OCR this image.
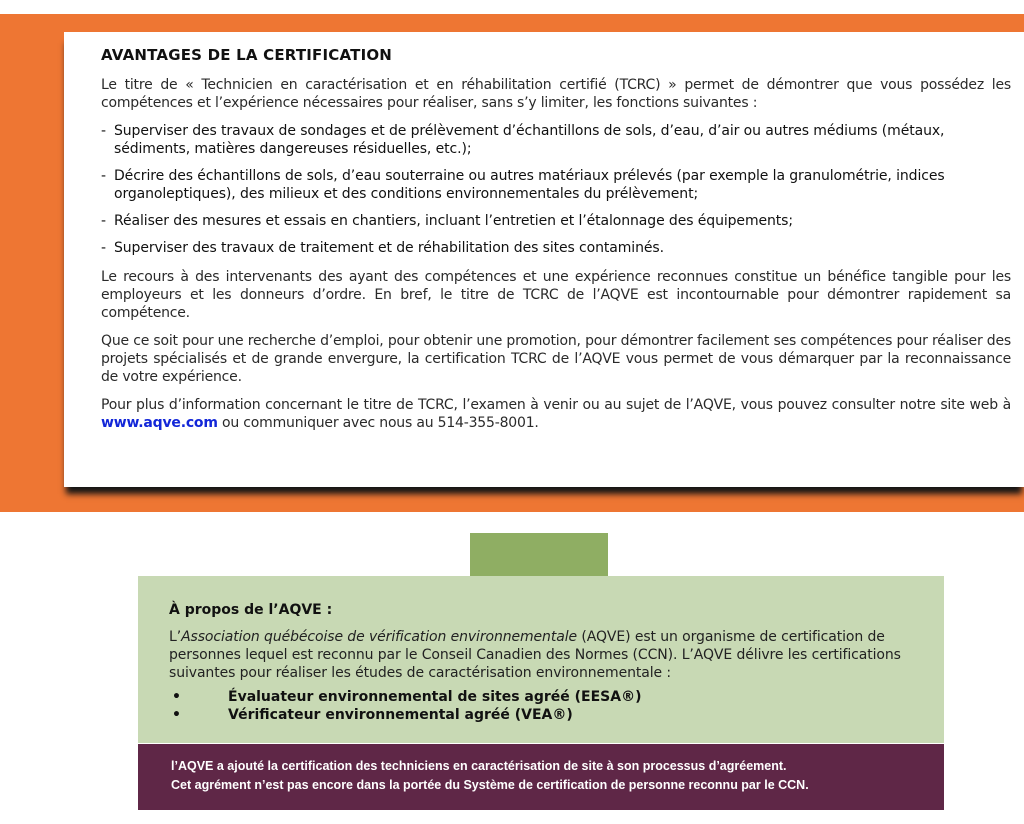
AVANTAGES DE LA CERTIFICATION

Le titre de « Technicien en caractérisation et en réhabilitation certifié (TCRC) » permet de démontrer que vous possédez les compétences et l’expérience nécessaires pour réaliser, sans s’y limiter, les fonctions suivantes :

- Superviser des travaux de sondages et de prélèvement d’échantillons de sols, d’eau, d’air ou autres médiums (métaux, sédiments, matières dangereuses résiduelles, etc.);
- Décrire des échantillons de sols, d’eau souterraine ou autres matériaux prélevés (par exemple la granulométrie, indices organoleptiques), des milieux et des conditions environnementales du prélèvement;
- Réaliser des mesures et essais en chantiers, incluant l’entretien et l’étalonnage des équipements;
- Superviser des travaux de traitement et de réhabilitation des sites contaminés.

Le recours à des intervenants des ayant des compétences et une expérience reconnues constitue un bénéfice tangible pour les employeurs et les donneurs d’ordre. En bref, le titre de TCRC de l’AQVE est incontournable pour démontrer rapidement sa compétence.

Que ce soit pour une recherche d’emploi, pour obtenir une promotion, pour démontrer facilement ses compétences pour réaliser des projets spécialisés et de grande envergure, la certification TCRC de l’AQVE vous permet de vous démarquer par la reconnaissance de votre expérience.

Pour plus d’information concernant le titre de TCRC, l’examen à venir ou au sujet de l’AQVE, vous pouvez consulter notre site web à www.aqve.com ou communiquer avec nous au 514-355-8001.

À propos de l’AQVE :

L’Association québécoise de vérification environnementale (AQVE) est un organisme de certification de personnes lequel est reconnu par le Conseil Canadien des Normes (CCN). L’AQVE délivre les certifications suivantes pour réaliser les études de caractérisation environnementale :

•	Évaluateur environnemental de sites agréé (EESA®)
•	Vérificateur environnemental agréé (VEA®)
l’AQVE a ajouté la certification des techniciens en caractérisation de site à son processus d’agréement.
Cet agrément n’est pas encore dans la portée du Système de certification de personne reconnu par le CCN.
